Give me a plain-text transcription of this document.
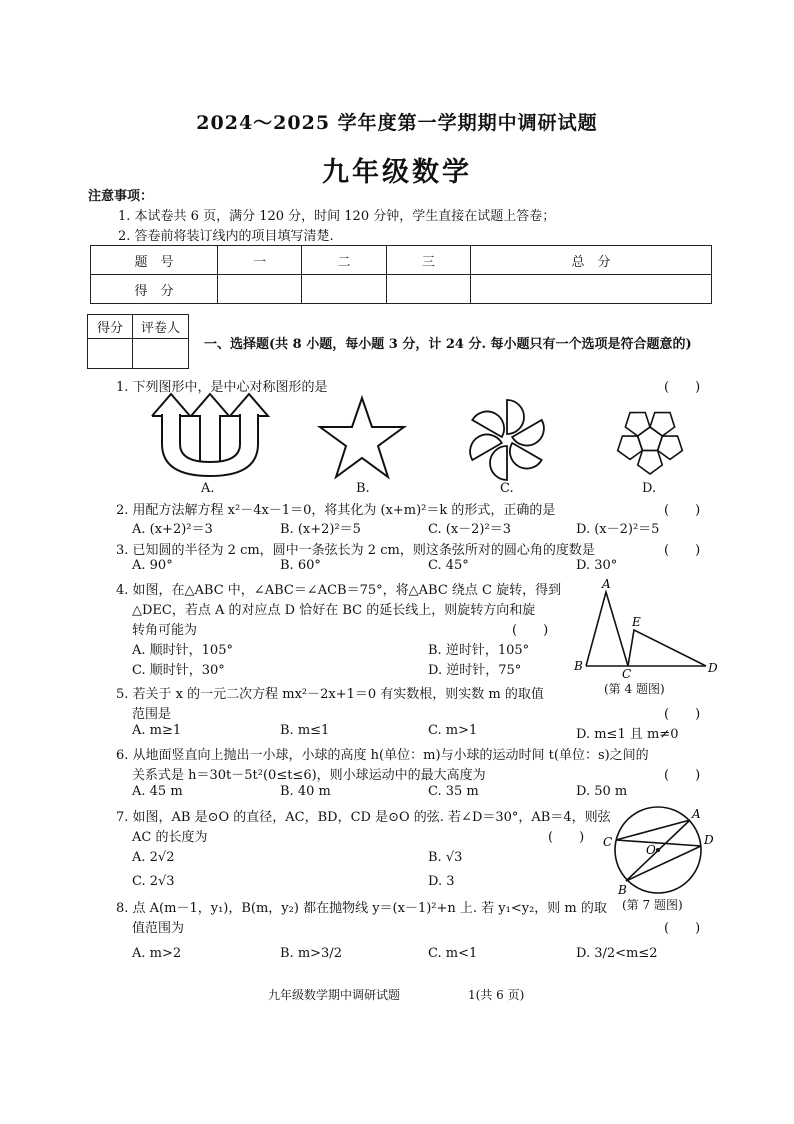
2024～2025 学年度第一学期期中调研试题
九年级数学
注意事项：
1. 本试卷共 6 页，满分 120 分，时间 120 分钟，学生直接在试题上答卷；
2. 答卷前将装订线内的项目填写清楚.
题　号	一	二	三	总　分
得　分				
得分	评卷人

一、选择题(共 8 小题，每小题 3 分，计 24 分. 每小题只有一个选项是符合题意的)
1. 下列图形中，是中心对称图形的是	(　　)
A.	B.	C.	D.
2. 用配方法解方程 x²－4x－1＝0，将其化为 (x+m)²＝k 的形式，正确的是	(　　)
A. (x+2)²＝3	B. (x+2)²＝5	C. (x－2)²＝3	D. (x－2)²＝5
3. 已知圆的半径为 2 cm，圆中一条弦长为 2 cm，则这条弦所对的圆心角的度数是	(　　)
A. 90°	B. 60°	C. 45°	D. 30°
4. 如图，在△ABC 中，∠ABC＝∠ACB＝75°，将△ABC 绕点 C 旋转，得到
△DEC，若点 A 的对应点 D 恰好在 BC 的延长线上，则旋转方向和旋
转角可能为	(　　)
A. 顺时针，105°	B. 逆时针，105°
C. 顺时针，30°	D. 逆时针，75°
A
B
C
E
D
(第 4 题图)
5. 若关于 x 的一元二次方程 mx²－2x+1＝0 有实数根，则实数 m 的取值
范围是	(　　)
A. m≥1	B. m≤1	C. m>1	D. m≤1 且 m≠0
6. 从地面竖直向上抛出一小球，小球的高度 h(单位：m)与小球的运动时间 t(单位：s)之间的
关系式是 h＝30t－5t²(0≤t≤6)，则小球运动中的最大高度为	(　　)
A. 45 m	B. 40 m	C. 35 m	D. 50 m
7. 如图，AB 是⊙O 的直径，AC，BD，CD 是⊙O 的弦. 若∠D＝30°，AB＝4，则弦
AC 的长度为	(　　)
A. 2√2	B. √3
C. 2√3	D. 3
A
C
O
D
B
(第 7 题图)
8. 点 A(m－1，y₁)，B(m，y₂) 都在抛物线 y＝(x－1)²+n 上. 若 y₁<y₂，则 m 的取
值范围为	(　　)
A. m>2	B. m>3/2	C. m<1	D. 3/2<m≤2
九年级数学期中调研试题	1(共 6 页)
